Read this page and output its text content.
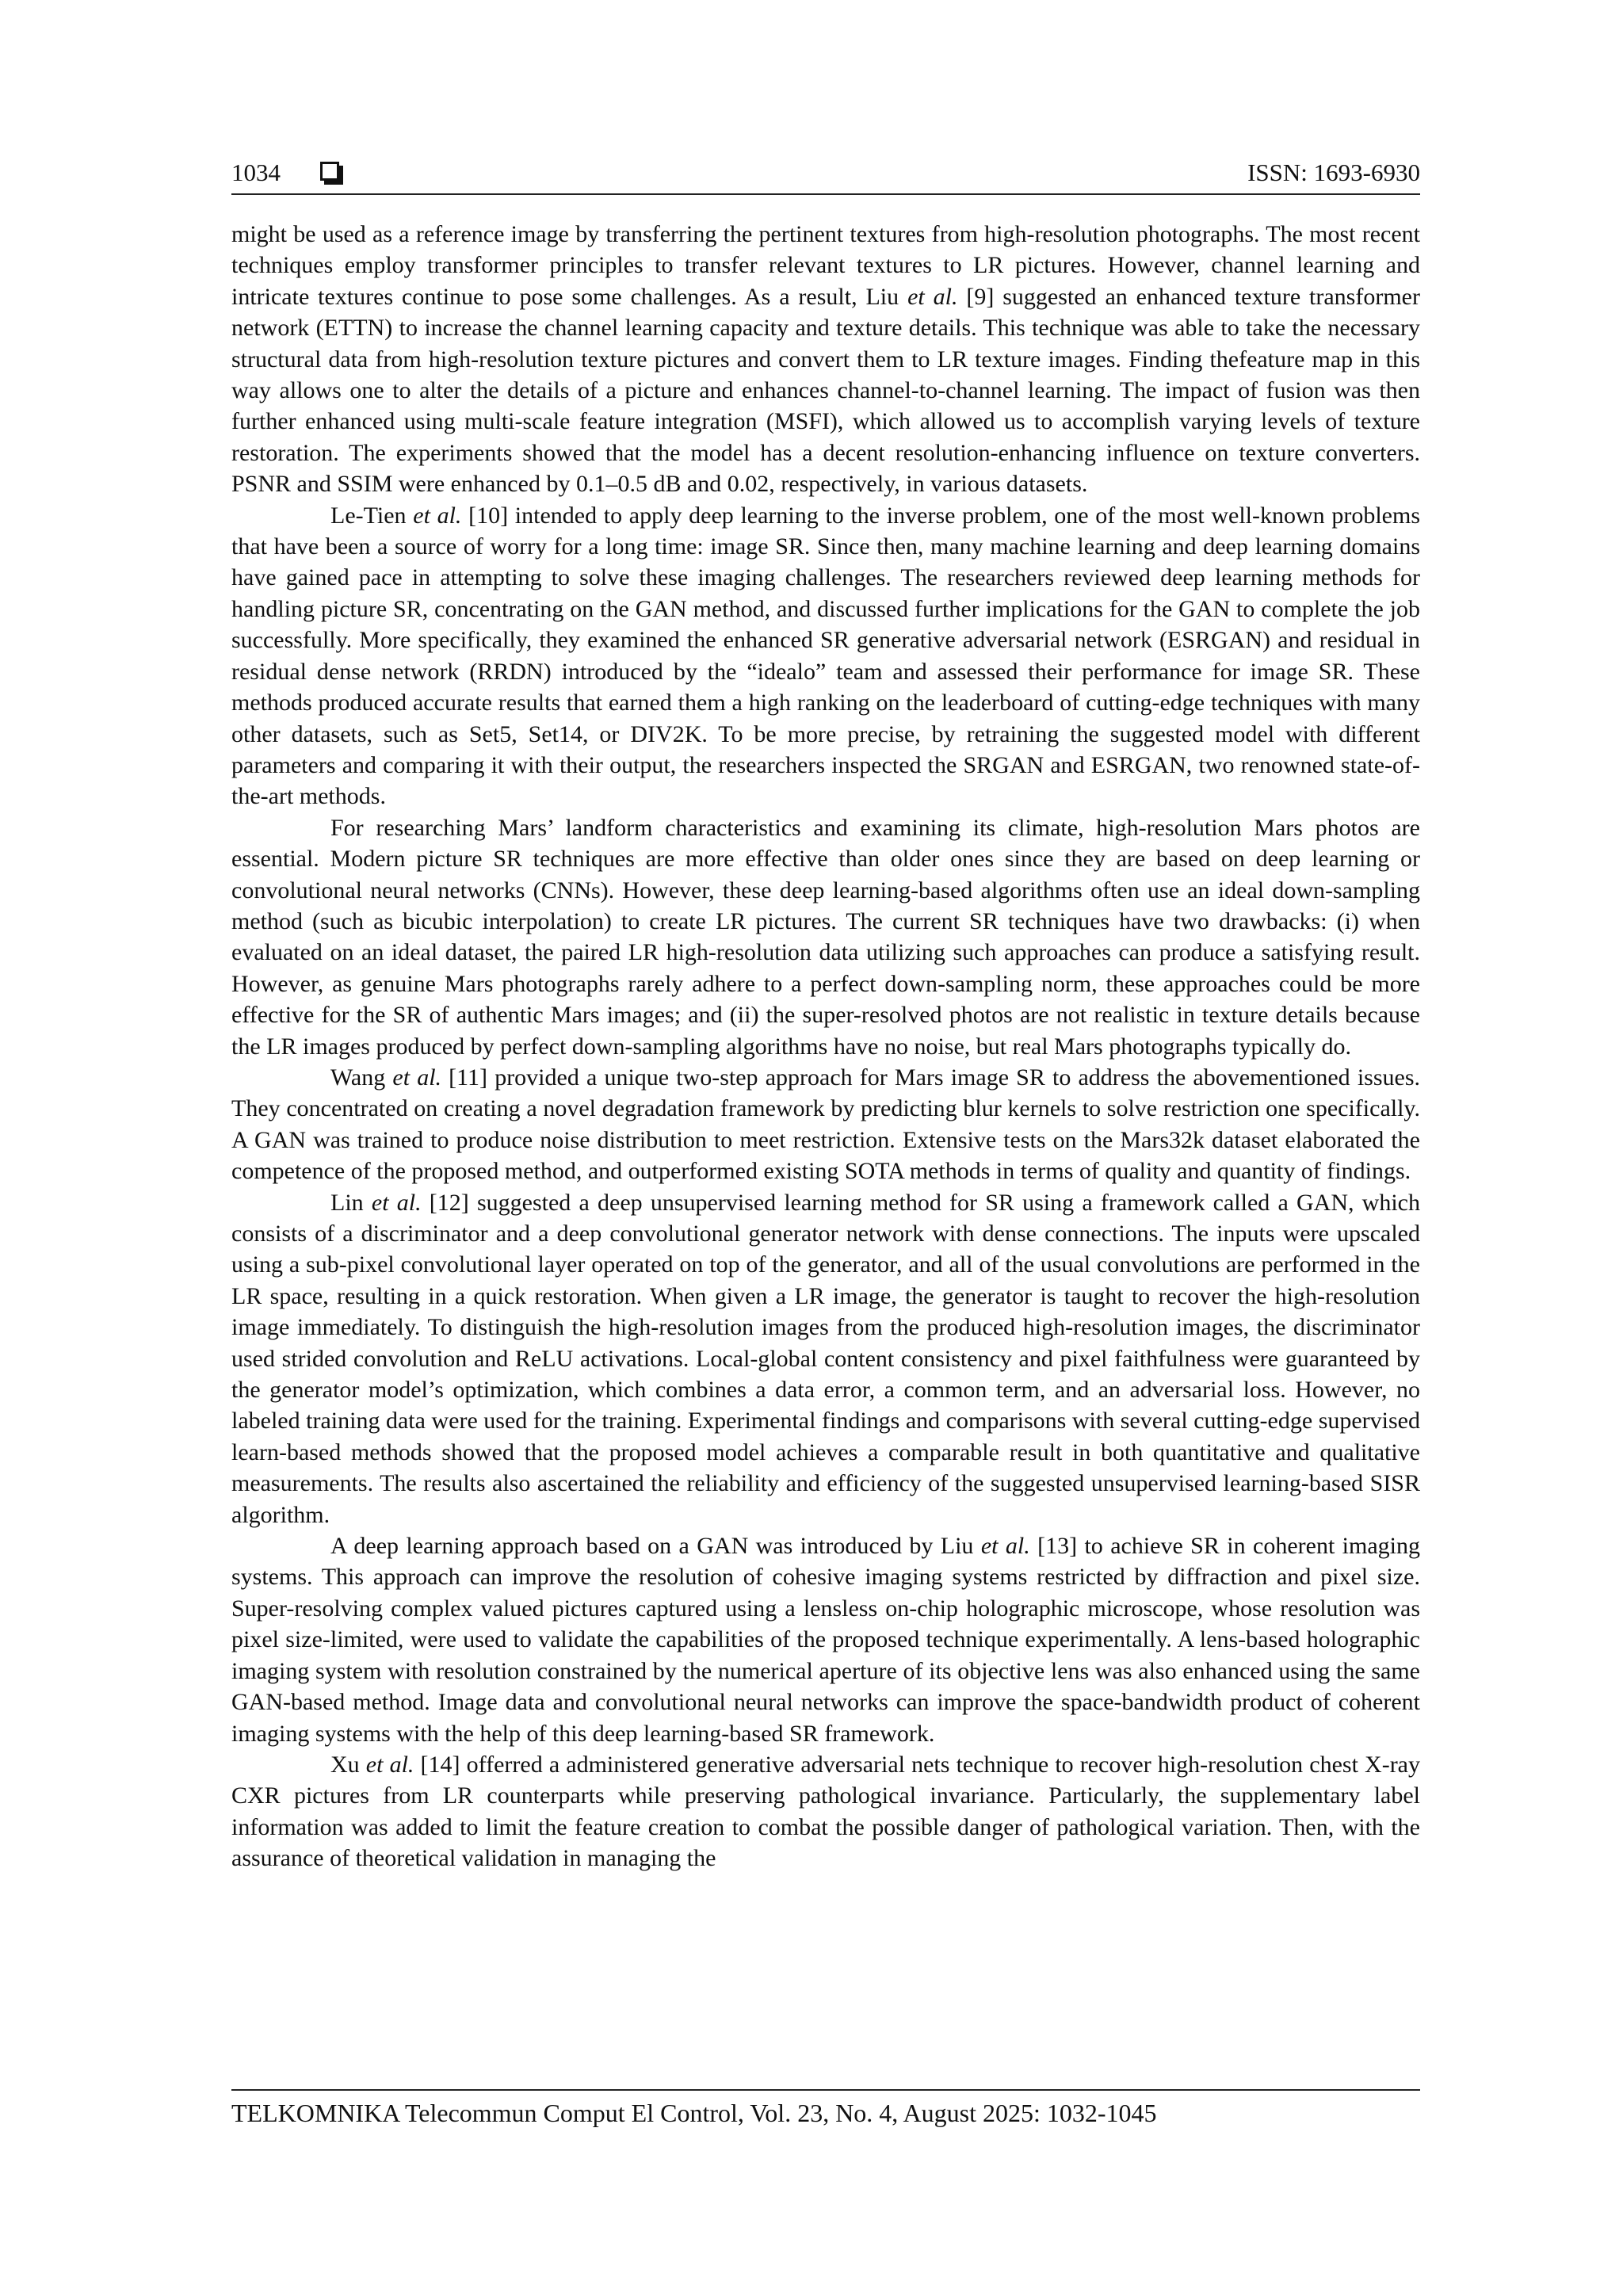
1034	ISSN: 1693-6930

might be used as a reference image by transferring the pertinent textures from high-resolution photographs. The most recent techniques employ transformer principles to transfer relevant textures to LR pictures. However, channel learning and intricate textures continue to pose some challenges. As a result, Liu et al. [9] suggested an enhanced texture transformer network (ETTN) to increase the channel learning capacity and texture details. This technique was able to take the necessary structural data from high-resolution texture pictures and convert them to LR texture images. Finding thefeature map in this way allows one to alter the details of a picture and enhances channel-to-channel learning. The impact of fusion was then further enhanced using multi-scale feature integration (MSFI), which allowed us to accomplish varying levels of texture restoration. The experiments showed that the model has a decent resolution-enhancing influence on texture converters. PSNR and SSIM were enhanced by 0.1–0.5 dB and 0.02, respectively, in various datasets.

Le-Tien et al. [10] intended to apply deep learning to the inverse problem, one of the most well-known problems that have been a source of worry for a long time: image SR. Since then, many machine learning and deep learning domains have gained pace in attempting to solve these imaging challenges. The researchers reviewed deep learning methods for handling picture SR, concentrating on the GAN method, and discussed further implications for the GAN to complete the job successfully. More specifically, they examined the enhanced SR generative adversarial network (ESRGAN) and residual in residual dense network (RRDN) introduced by the “idealo” team and assessed their performance for image SR. These methods produced accurate results that earned them a high ranking on the leaderboard of cutting-edge techniques with many other datasets, such as Set5, Set14, or DIV2K. To be more precise, by retraining the suggested model with different parameters and comparing it with their output, the researchers inspected the SRGAN and ESRGAN, two renowned state-of-the-art methods.

For researching Mars’ landform characteristics and examining its climate, high-resolution Mars photos are essential. Modern picture SR techniques are more effective than older ones since they are based on deep learning or convolutional neural networks (CNNs). However, these deep learning-based algorithms often use an ideal down-sampling method (such as bicubic interpolation) to create LR pictures. The current SR techniques have two drawbacks: (i) when evaluated on an ideal dataset, the paired LR high-resolution data utilizing such approaches can produce a satisfying result. However, as genuine Mars photographs rarely adhere to a perfect down-sampling norm, these approaches could be more effective for the SR of authentic Mars images; and (ii) the super-resolved photos are not realistic in texture details because the LR images produced by perfect down-sampling algorithms have no noise, but real Mars photographs typically do.

Wang et al. [11] provided a unique two-step approach for Mars image SR to address the abovementioned issues. They concentrated on creating a novel degradation framework by predicting blur kernels to solve restriction one specifically. A GAN was trained to produce noise distribution to meet restriction. Extensive tests on the Mars32k dataset elaborated the competence of the proposed method, and outperformed existing SOTA methods in terms of quality and quantity of findings.

Lin et al. [12] suggested a deep unsupervised learning method for SR using a framework called a GAN, which consists of a discriminator and a deep convolutional generator network with dense connections. The inputs were upscaled using a sub-pixel convolutional layer operated on top of the generator, and all of the usual convolutions are performed in the LR space, resulting in a quick restoration. When given a LR image, the generator is taught to recover the high-resolution image immediately. To distinguish the high-resolution images from the produced high-resolution images, the discriminator used strided convolution and ReLU activations. Local-global content consistency and pixel faithfulness were guaranteed by the generator model’s optimization, which combines a data error, a common term, and an adversarial loss. However, no labeled training data were used for the training. Experimental findings and comparisons with several cutting-edge supervised learn-based methods showed that the proposed model achieves a comparable result in both quantitative and qualitative measurements. The results also ascertained the reliability and efficiency of the suggested unsupervised learning-based SISR algorithm.

A deep learning approach based on a GAN was introduced by Liu et al. [13] to achieve SR in coherent imaging systems. This approach can improve the resolution of cohesive imaging systems restricted by diffraction and pixel size. Super-resolving complex valued pictures captured using a lensless on-chip holographic microscope, whose resolution was pixel size-limited, were used to validate the capabilities of the proposed technique experimentally. A lens-based holographic imaging system with resolution constrained by the numerical aperture of its objective lens was also enhanced using the same GAN-based method. Image data and convolutional neural networks can improve the space-bandwidth product of coherent imaging systems with the help of this deep learning-based SR framework.

Xu et al. [14] offerred a administered generative adversarial nets technique to recover high-resolution chest X-ray CXR pictures from LR counterparts while preserving pathological invariance. Particularly, the supplementary label information was added to limit the feature creation to combat the possible danger of pathological variation. Then, with the assurance of theoretical validation in managing the

TELKOMNIKA Telecommun Comput El Control, Vol. 23, No. 4, August 2025: 1032-1045
